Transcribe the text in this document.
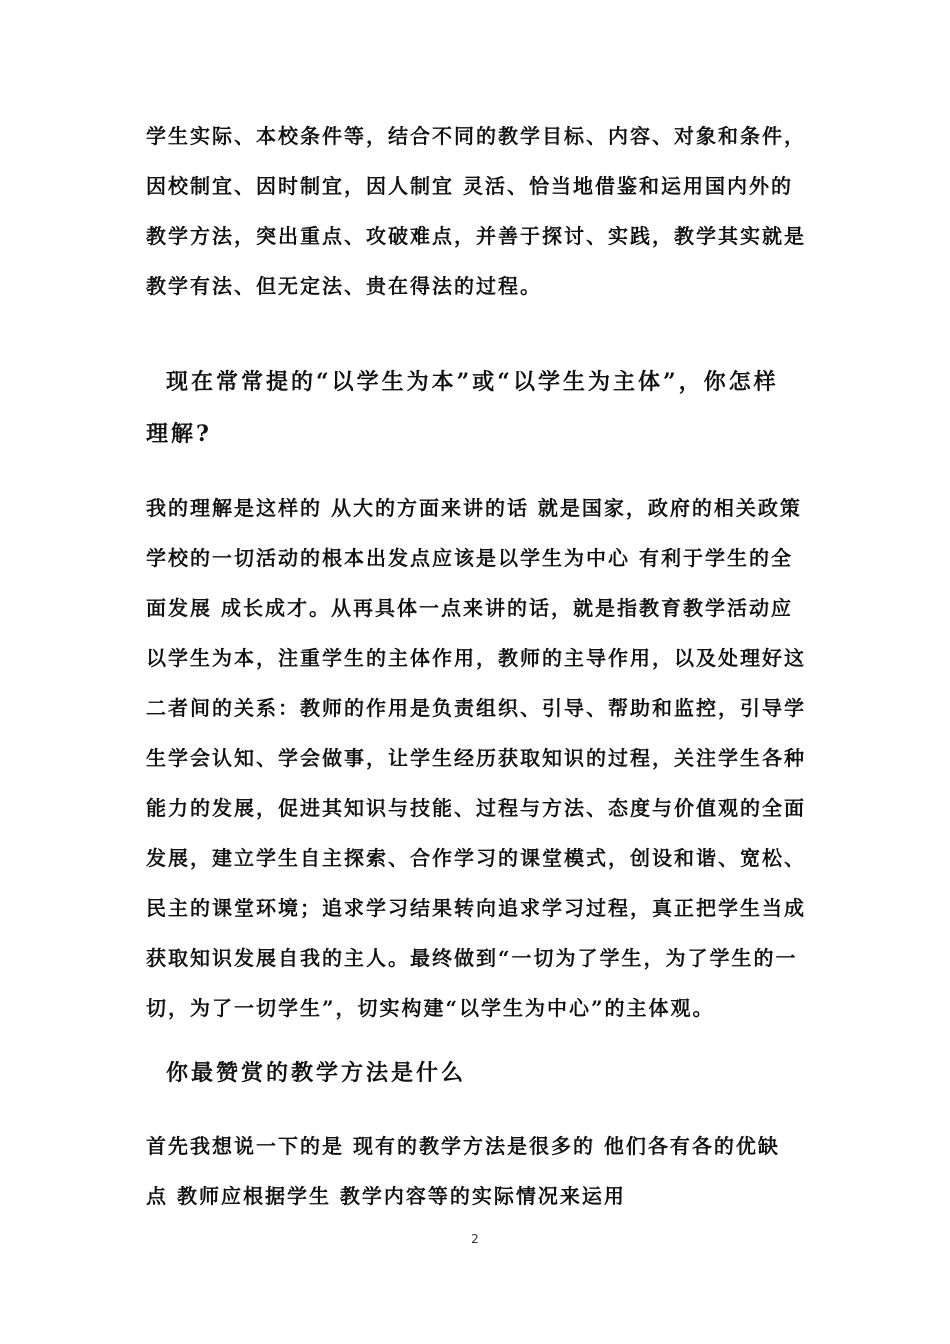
学生实际、本校条件等，结合不同的教学目标、内容、对象和条件，
因校制宜、因时制宜，因人制宜 灵活、恰当地借鉴和运用国内外的
教学方法，突出重点、攻破难点，并善于探讨、实践，教学其实就是
教学有法、但无定法、贵在得法的过程。
现在常常提的“以学生为本”或“以学生为主体”，你怎样
理解?
我的理解是这样的 从大的方面来讲的话 就是国家，政府的相关政策
学校的一切活动的根本出发点应该是以学生为中心 有利于学生的全
面发展 成长成才。从再具体一点来讲的话，就是指教育教学活动应
以学生为本，注重学生的主体作用，教师的主导作用，以及处理好这
二者间的关系：教师的作用是负责组织、引导、帮助和监控，引导学
生学会认知、学会做事，让学生经历获取知识的过程，关注学生各种
能力的发展，促进其知识与技能、过程与方法、态度与价值观的全面
发展，建立学生自主探索、合作学习的课堂模式，创设和谐、宽松、
民主的课堂环境；追求学习结果转向追求学习过程，真正把学生当成
获取知识发展自我的主人。最终做到“一切为了学生，为了学生的一
切，为了一切学生”，切实构建“以学生为中心”的主体观。
你最赞赏的教学方法是什么
首先我想说一下的是 现有的教学方法是很多的 他们各有各的优缺
点 教师应根据学生 教学内容等的实际情况来运用
2
